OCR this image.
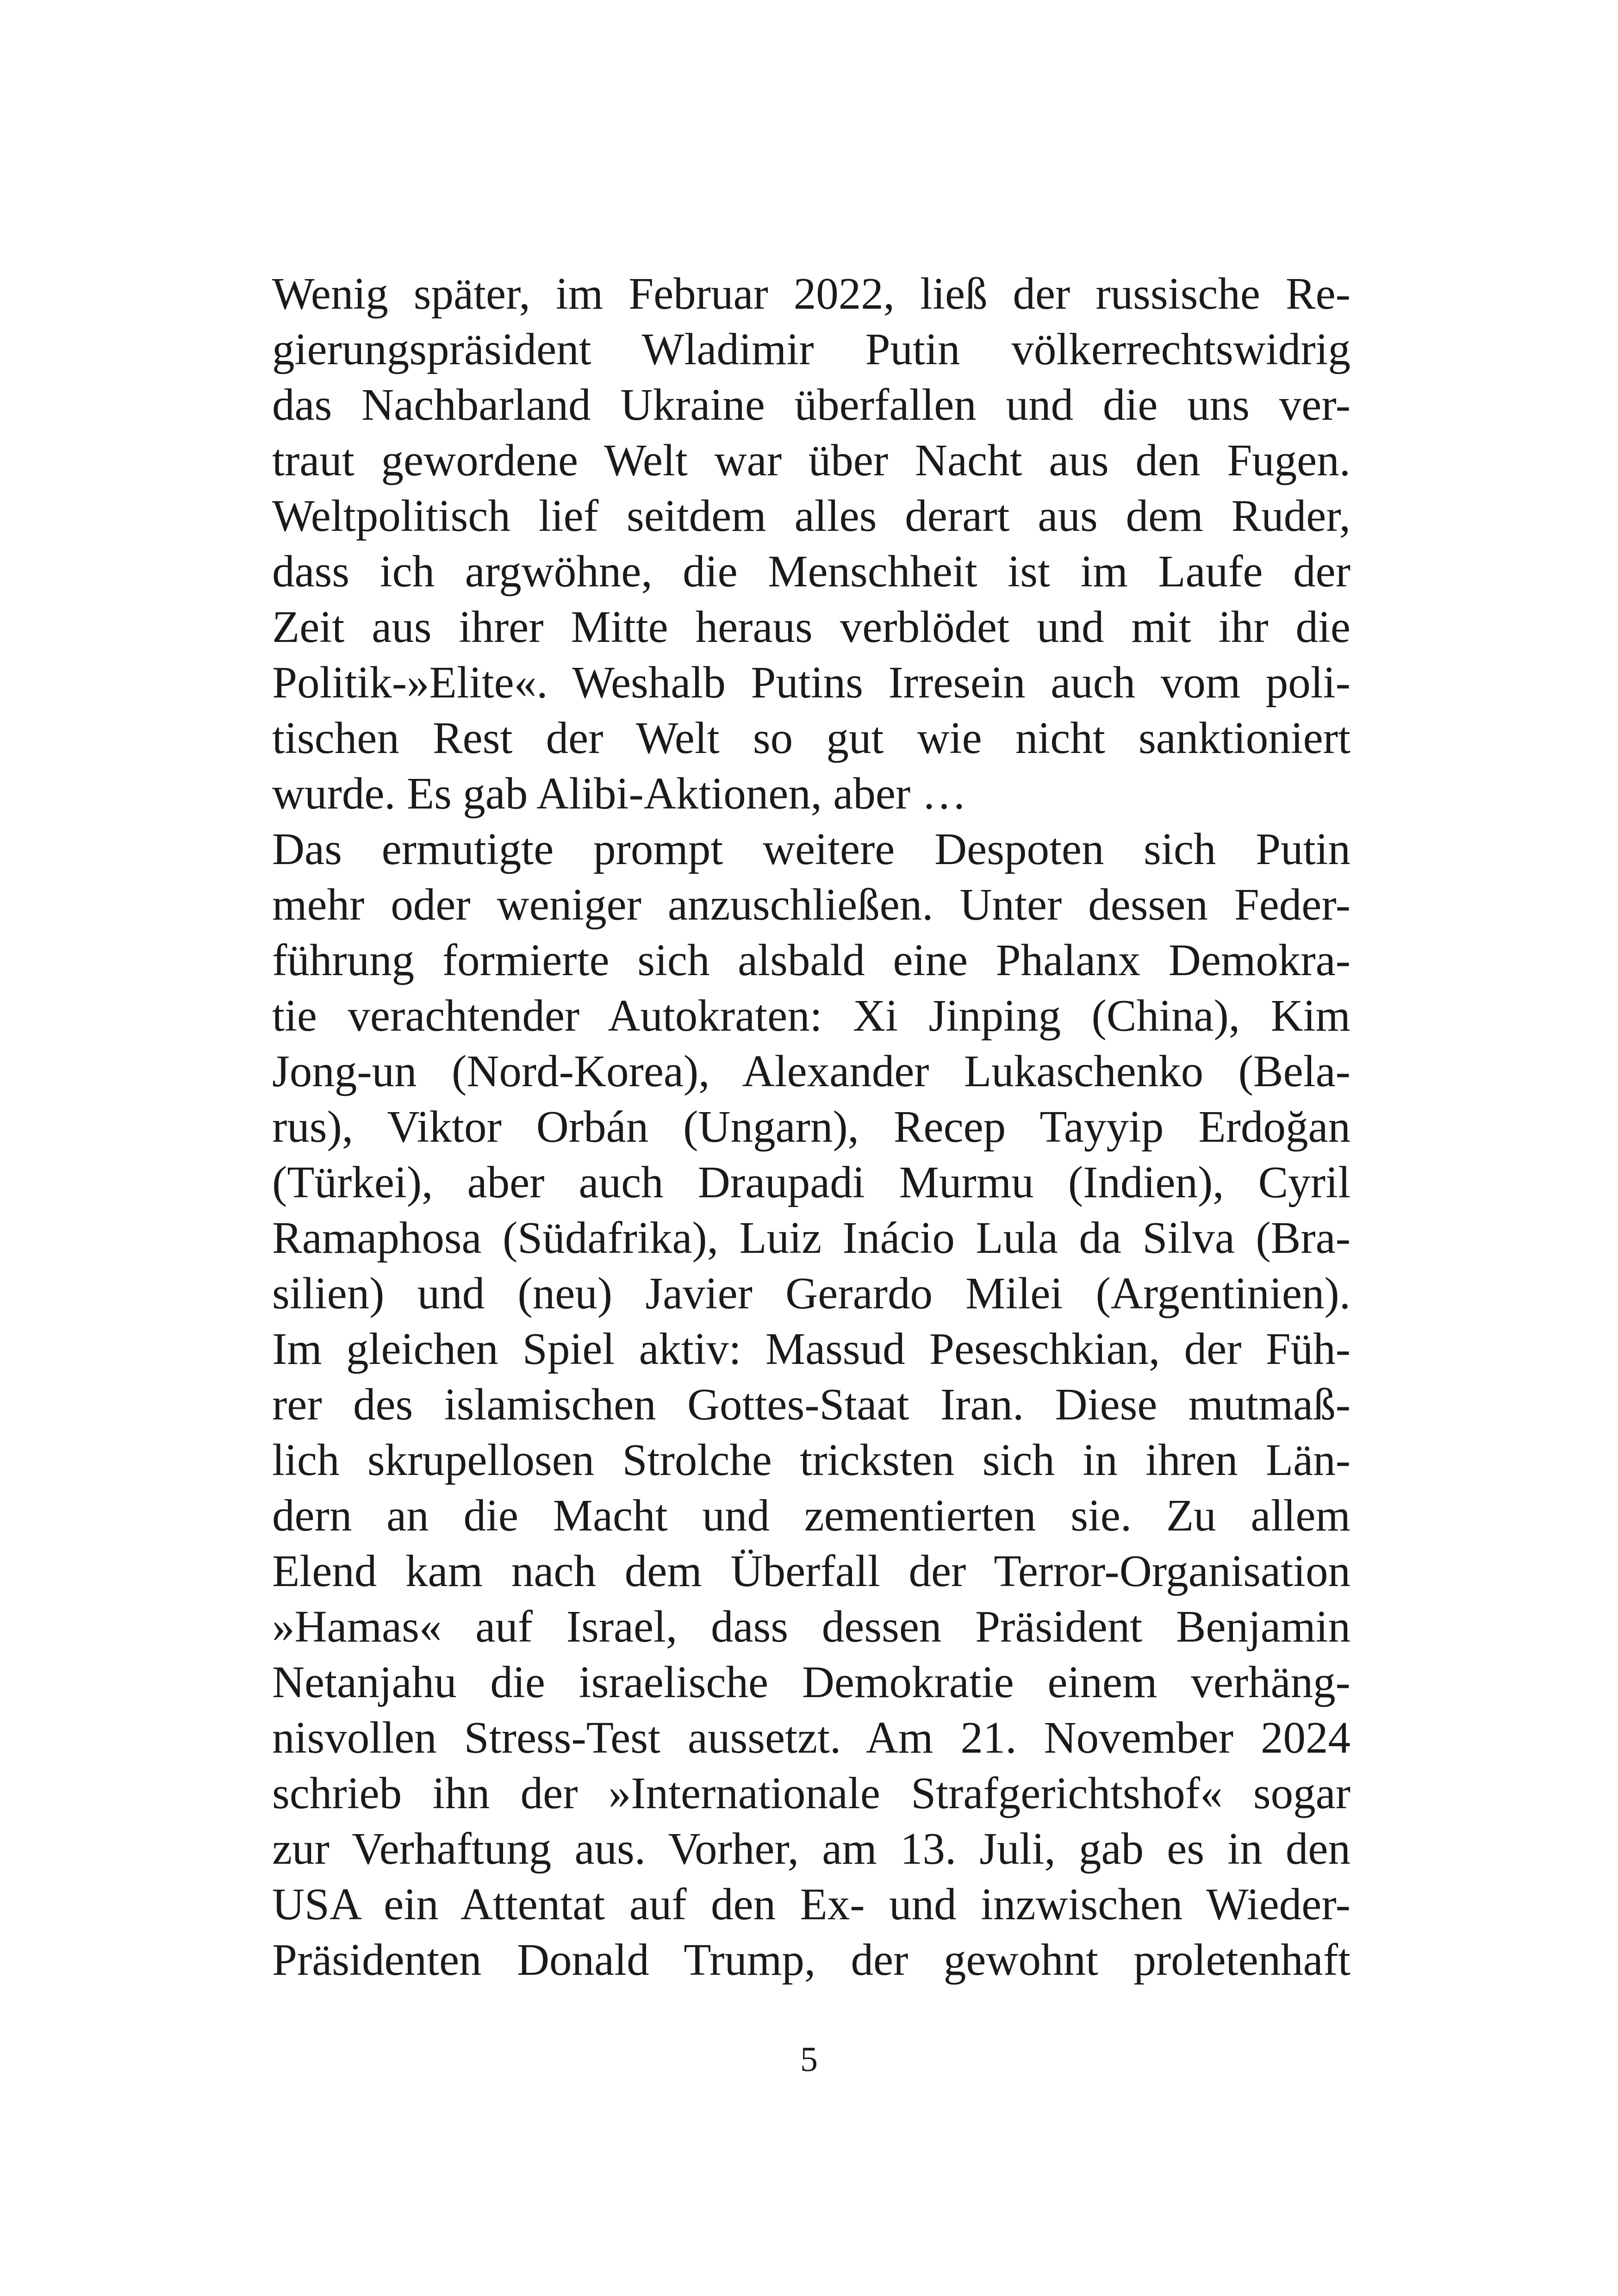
Wenig später, im Februar 2022, ließ der russische Re-
gierungspräsident Wladimir Putin völkerrechtswidrig
das Nachbarland Ukraine überfallen und die uns ver-
traut gewordene Welt war über Nacht aus den Fugen.
Weltpolitisch lief seitdem alles derart aus dem Ruder,
dass ich argwöhne, die Menschheit ist im Laufe der
Zeit aus ihrer Mitte heraus verblödet und mit ihr die
Politik-»Elite«. Weshalb Putins Irresein auch vom poli-
tischen Rest der Welt so gut wie nicht sanktioniert
wurde. Es gab Alibi-Aktionen, aber …
Das ermutigte prompt weitere Despoten sich Putin
mehr oder weniger anzuschließen. Unter dessen Feder-
führung formierte sich alsbald eine Phalanx Demokra-
tie verachtender Autokraten: Xi Jinping (China), Kim
Jong-un (Nord-Korea), Alexander Lukaschenko (Bela-
rus), Viktor Orbán (Ungarn), Recep Tayyip Erdoğan
(Türkei), aber auch Draupadi Murmu (Indien), Cyril
Ramaphosa (Südafrika), Luiz Inácio Lula da Silva (Bra-
silien) und (neu) Javier Gerardo Milei (Argentinien).
Im gleichen Spiel aktiv: Massud Peseschkian, der Füh-
rer des islamischen Gottes-Staat Iran. Diese mutmaß-
lich skrupellosen Strolche tricksten sich in ihren Län-
dern an die Macht und zementierten sie. Zu allem
Elend kam nach dem Überfall der Terror-Organisation
»Hamas« auf Israel, dass dessen Präsident Benjamin
Netanjahu die israelische Demokratie einem verhäng-
nisvollen Stress-Test aussetzt. Am 21. November 2024
schrieb ihn der »Internationale Strafgerichtshof« sogar
zur Verhaftung aus. Vorher, am 13. Juli, gab es in den
USA ein Attentat auf den Ex- und inzwischen Wieder-
Präsidenten Donald Trump, der gewohnt proletenhaft
5
